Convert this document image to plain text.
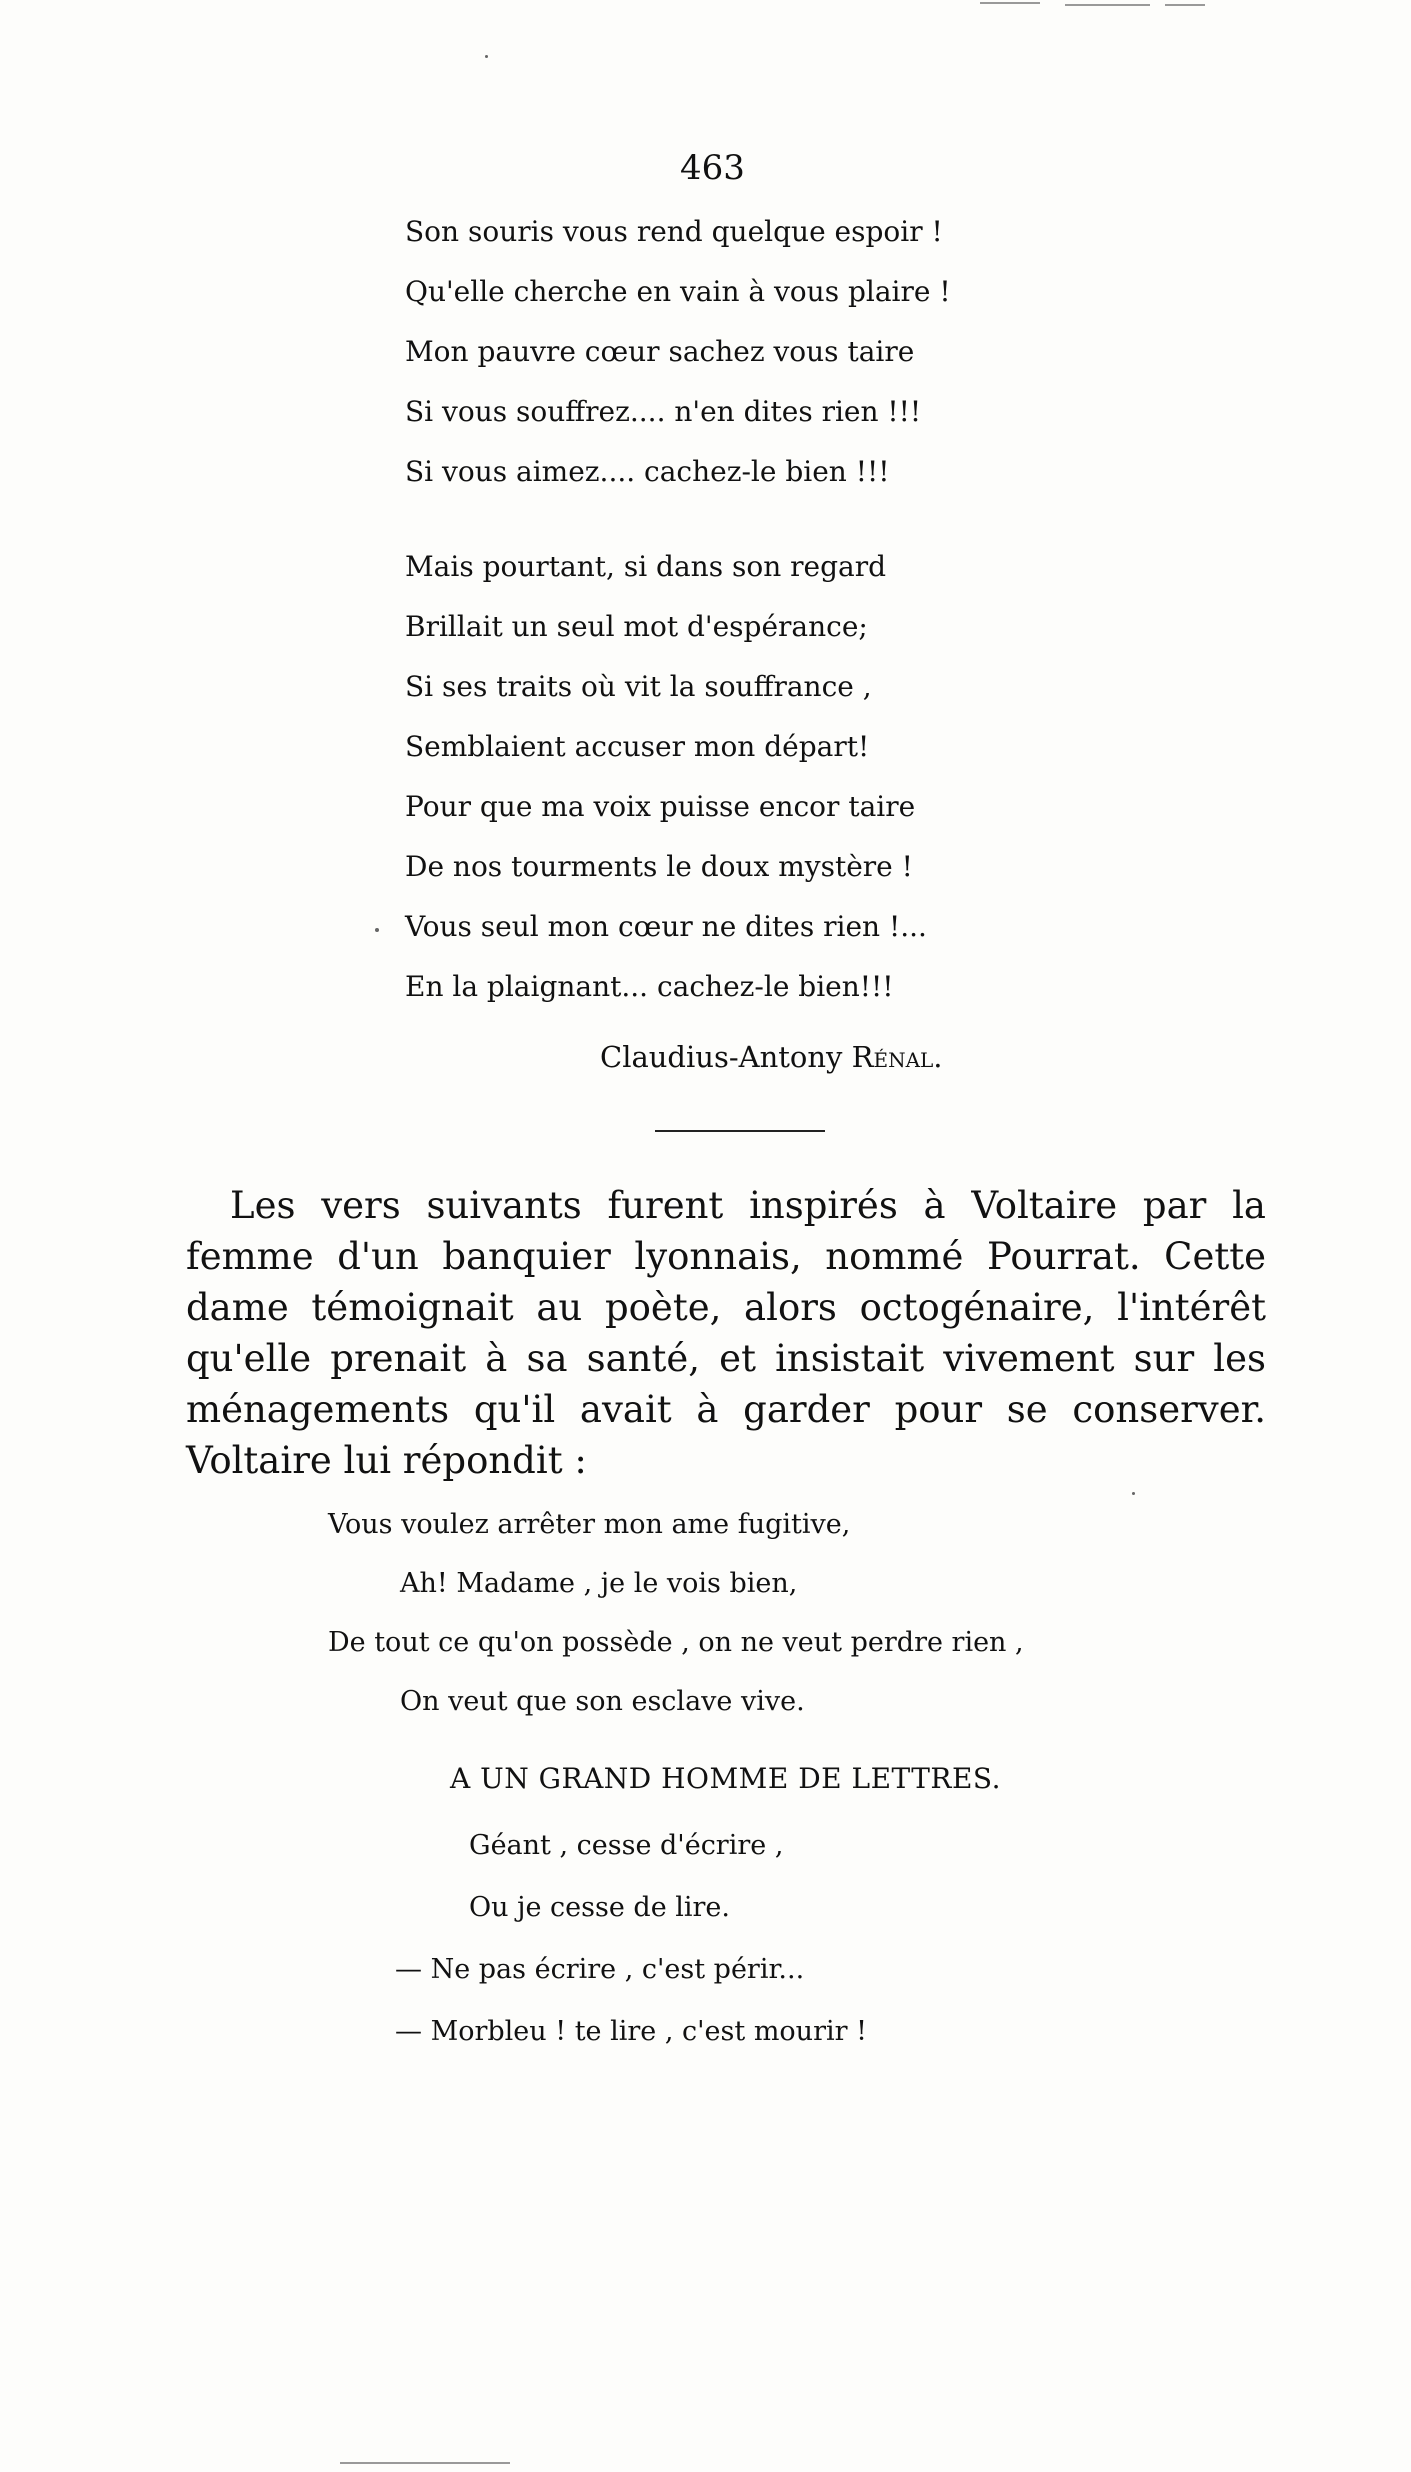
463
Son souris vous rend quelque espoir !
Qu'elle cherche en vain à vous plaire !
Mon pauvre cœur sachez vous taire
Si vous souffrez.... n'en dites rien !!!
Si vous aimez.... cachez-le bien !!!
Mais pourtant, si dans son regard
Brillait un seul mot d'espérance;
Si ses traits où vit la souffrance ,
Semblaient accuser mon départ!
Pour que ma voix puisse encor taire
De nos tourments le doux mystère !
Vous seul mon cœur ne dites rien !...
En la plaignant... cachez-le bien!!!
Claudius-Antony Rénal.

Les vers suivants furent inspirés à Voltaire par la femme d'un banquier lyonnais, nommé Pourrat. Cette dame témoignait au poète, alors octogénaire, l'intérêt qu'elle prenait à sa santé, et insistait vivement sur les ménagements qu'il avait à garder pour se conserver. Voltaire lui répondit :

Vous voulez arrêter mon ame fugitive,
Ah! Madame , je le vois bien,
De tout ce qu'on possède , on ne veut perdre rien ,
On veut que son esclave vive.
A UN GRAND HOMME DE LETTRES.
Géant , cesse d'écrire ,
Ou je cesse de lire.
— Ne pas écrire , c'est périr...
— Morbleu ! te lire , c'est mourir !
